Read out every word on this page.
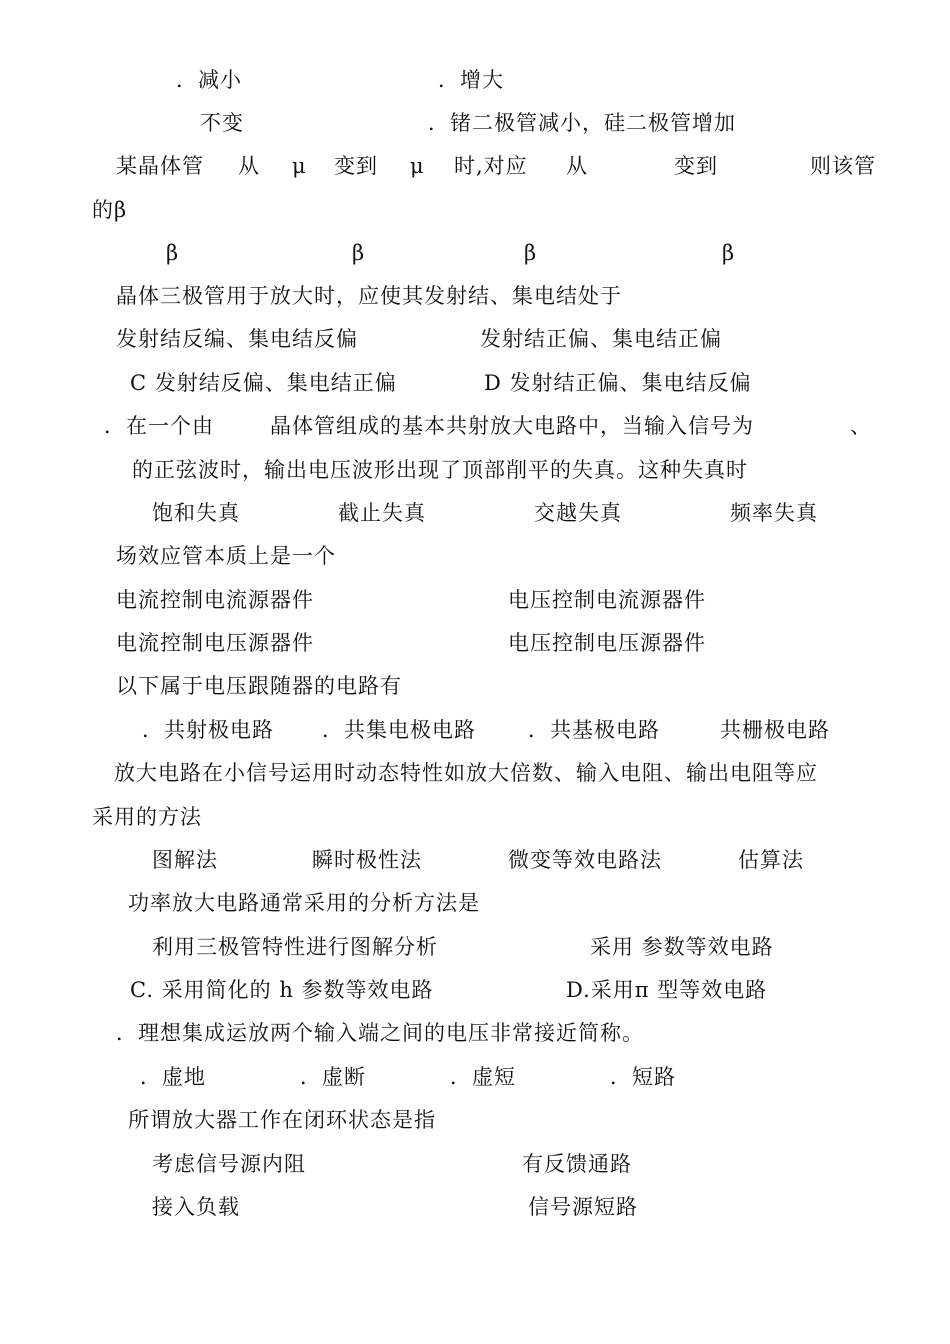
．减小	．增大
不变	．锗二极管减小，硅二极管增加
某晶体管 从 μ 变到 μ 时,对应 从	变到	则该管
的β
β	β	β	β
晶体三极管用于放大时，应使其发射结、集电结处于
发射结反编、集电结反偏	发射结正偏、集电结正偏
C 发射结反偏、集电结正偏	D 发射结正偏、集电结反偏
．在一个由	晶体管组成的基本共射放大电路中，当输入信号为	、
的正弦波时，输出电压波形出现了顶部削平的失真。这种失真时
饱和失真	截止失真	交越失真	频率失真
场效应管本质上是一个
电流控制电流源器件	电压控制电流源器件
电流控制电压源器件	电压控制电压源器件
以下属于电压跟随器的电路有
．共射极电路 ．共集电极电路 ．共基极电路	共栅极电路
放大电路在小信号运用时动态特性如放大倍数、输入电阻、输出电阻等应
采用的方法
图解法	瞬时极性法	微变等效电路法	估算法
功率放大电路通常采用的分析方法是
利用三极管特性进行图解分析	采用 参数等效电路
C. 采用简化的 h 参数等效电路	D.采用π 型等效电路
．理想集成运放两个输入端之间的电压非常接近简称。
．虚地	．虚断	．虚短	．短路
所谓放大器工作在闭环状态是指
考虑信号源内阻	有反馈通路
接入负载	信号源短路
